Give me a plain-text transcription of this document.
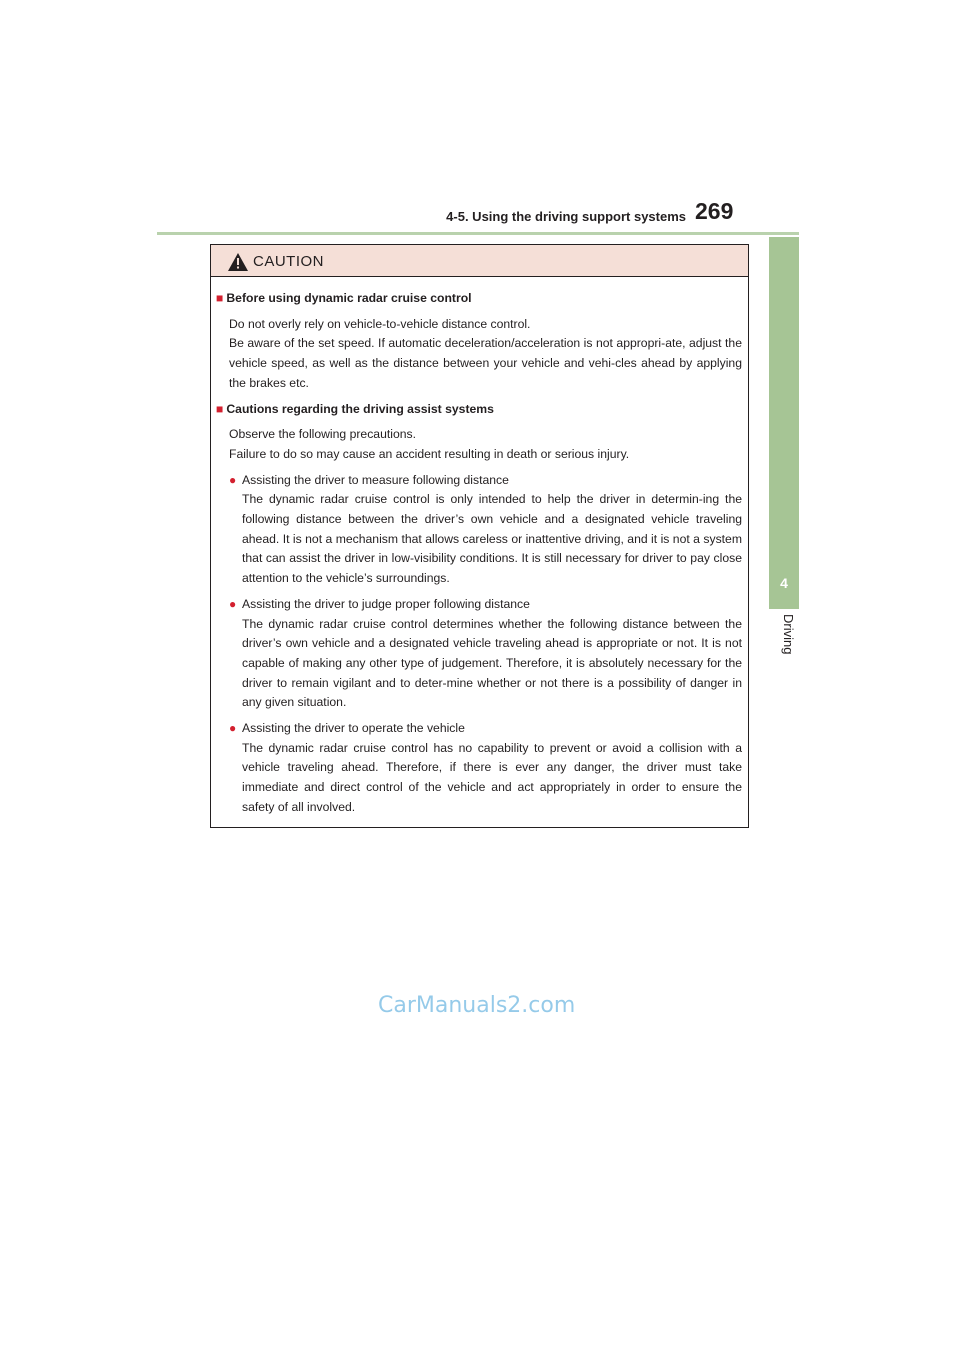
4-5. Using the driving support systems 269
4
Driving
CAUTION
■ Before using dynamic radar cruise control
Do not overly rely on vehicle-to-vehicle distance control.
Be aware of the set speed. If automatic deceleration/acceleration is not appropri-ate, adjust the vehicle speed, as well as the distance between your vehicle and vehi-cles ahead by applying the brakes etc.
■ Cautions regarding the driving assist systems
Observe the following precautions.
Failure to do so may cause an accident resulting in death or serious injury.
● Assisting the driver to measure following distance
The dynamic radar cruise control is only intended to help the driver in determin-ing the following distance between the driver’s own vehicle and a designated vehicle traveling ahead. It is not a mechanism that allows careless or inattentive driving, and it is not a system that can assist the driver in low-visibility conditions. It is still necessary for driver to pay close attention to the vehicle’s surroundings.
● Assisting the driver to judge proper following distance
The dynamic radar cruise control determines whether the following distance between the driver’s own vehicle and a designated vehicle traveling ahead is appropriate or not. It is not capable of making any other type of judgement. Therefore, it is absolutely necessary for the driver to remain vigilant and to deter-mine whether or not there is a possibility of danger in any given situation.
● Assisting the driver to operate the vehicle
The dynamic radar cruise control has no capability to prevent or avoid a collision with a vehicle traveling ahead. Therefore, if there is ever any danger, the driver must take immediate and direct control of the vehicle and act appropriately in order to ensure the safety of all involved.
CarManuals2.com
